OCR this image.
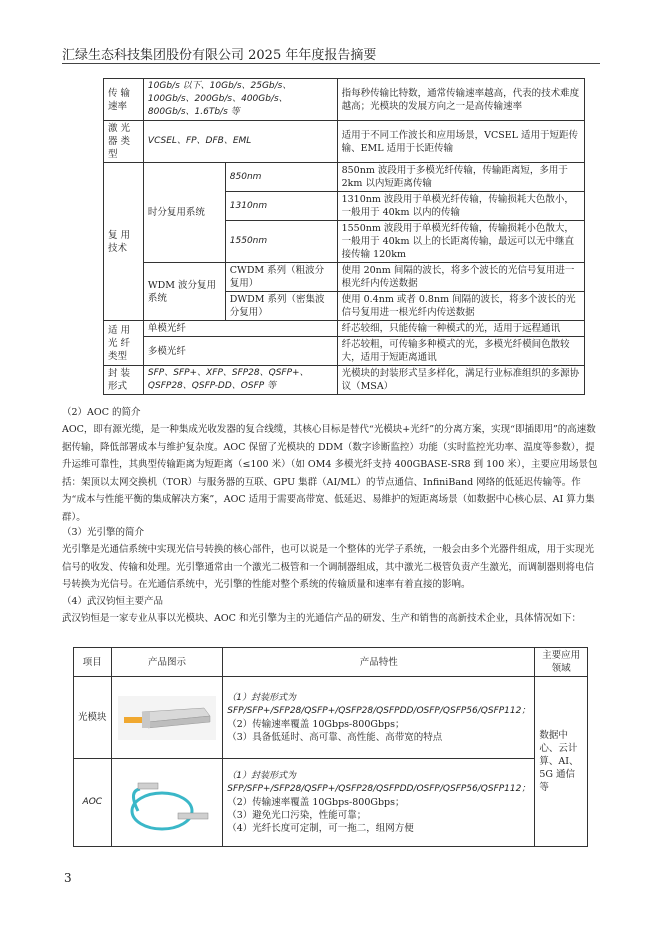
汇绿生态科技集团股份有限公司 2025 年年度报告摘要
传 输速率	10Gb/s 以下、10Gb/s、25Gb/s、100Gb/s、200Gb/s、400Gb/s、800Gb/s、1.6Tb/s 等		指每秒传输比特数，通常传输速率越高，代表的技术难度越高；光模块的发展方向之一是高传输速率
激 光器 类型	VCSEL、FP、DFB、EML		适用于不同工作波长和应用场景，VCSEL 适用于短距传输、EML 适用于长距传输
复 用技术	时分复用系统	850nm	850nm 波段用于多模光纤传输，传输距离短，多用于 2km 以内短距离传输
		1310nm	1310nm 波段用于单模光纤传输，传输损耗大色散小，一般用于 40km 以内的传输
		1550nm	1550nm 波段用于单模光纤传输，传输损耗小色散大，一般用于 40km 以上的长距离传输，最远可以无中继直接传输 120km
	WDM 波分复用系统	CWDM 系列（粗波分复用）	使用 20nm 间隔的波长，将多个波长的光信号复用进一根光纤内传送数据
		DWDM 系列（密集波分复用）	使用 0.4nm 或者 0.8nm 间隔的波长，将多个波长的光信号复用进一根光纤内传送数据
适 用光 纤类型	单模光纤		纤芯较细，只能传输一种模式的光，适用于远程通讯
	多模光纤		纤芯较粗，可传输多种模式的光，多模光纤模间色散较大，适用于短距离通讯
封 装形式	SFP、SFP+、XFP、SFP28、QSFP+、QSFP28、QSFP-DD、OSFP 等		光模块的封装形式呈多样化，满足行业标准组织的多源协议（MSA）
（2）AOC 的简介
AOC，即有源光缆，是一种集成光收发器的复合线缆，其核心目标是替代“光模块+光纤”的分离方案，实现“即插即用”的高速数据传输，降低部署成本与维护复杂度。AOC 保留了光模块的 DDM（数字诊断监控）功能（实时监控光功率、温度等参数），提升运维可靠性，其典型传输距离为短距离（≤100 米）（如 OM4 多模光纤支持 400GBASE-SR8 到 100 米），主要应用场景包括：架顶以太网交换机（TOR）与服务器的互联、GPU 集群（AI/ML）的节点通信、InfiniBand 网络的低延迟传输等。作为“成本与性能平衡的集成解决方案”，AOC 适用于需要高带宽、低延迟、易維护的短距离场景（如数据中心核心层、AI 算力集群）。
（3）光引擎的简介
光引擎是光通信系统中实现光信号转换的核心部件，也可以说是一个整体的光学子系统，一般会由多个光器件组成，用于实现光信号的收发、传输和处理。光引擎通常由一个激光二极管和一个调制器组成，其中激光二极管负责产生激光，而调制器则将电信号转换为光信号。在光通信系统中，光引擎的性能对整个系统的传输质量和速率有着直接的影响。
（4）武汉钧恒主要产品
武汉钧恒是一家专业从事以光模块、AOC 和光引擎为主的光通信产品的研发、生产和销售的高新技术企业，具体情况如下：
项目	产品图示	产品特性	主要应用领域
光模块		（1）封装形式为 SFP/SFP+/SFP28/QSFP+/QSFP28/QSFPDD/OSFP/QSFP56/QSFP112；
（2）传输速率覆盖 10Gbps-800Gbps；
（3）具备低延时、高可靠、高性能、高带宽的特点	数据中心、云计算、AI、5G 通信等
AOC		（1）封装形式为 SFP/SFP+/SFP28/QSFP+/QSFP28/QSFPDD/OSFP/QSFP56/QSFP112；
（2）传输速率覆盖 10Gbps-800Gbps；
（3）避免光口污染，性能可靠；
（4）光纤长度可定制，可一拖二，组网方便	
3
